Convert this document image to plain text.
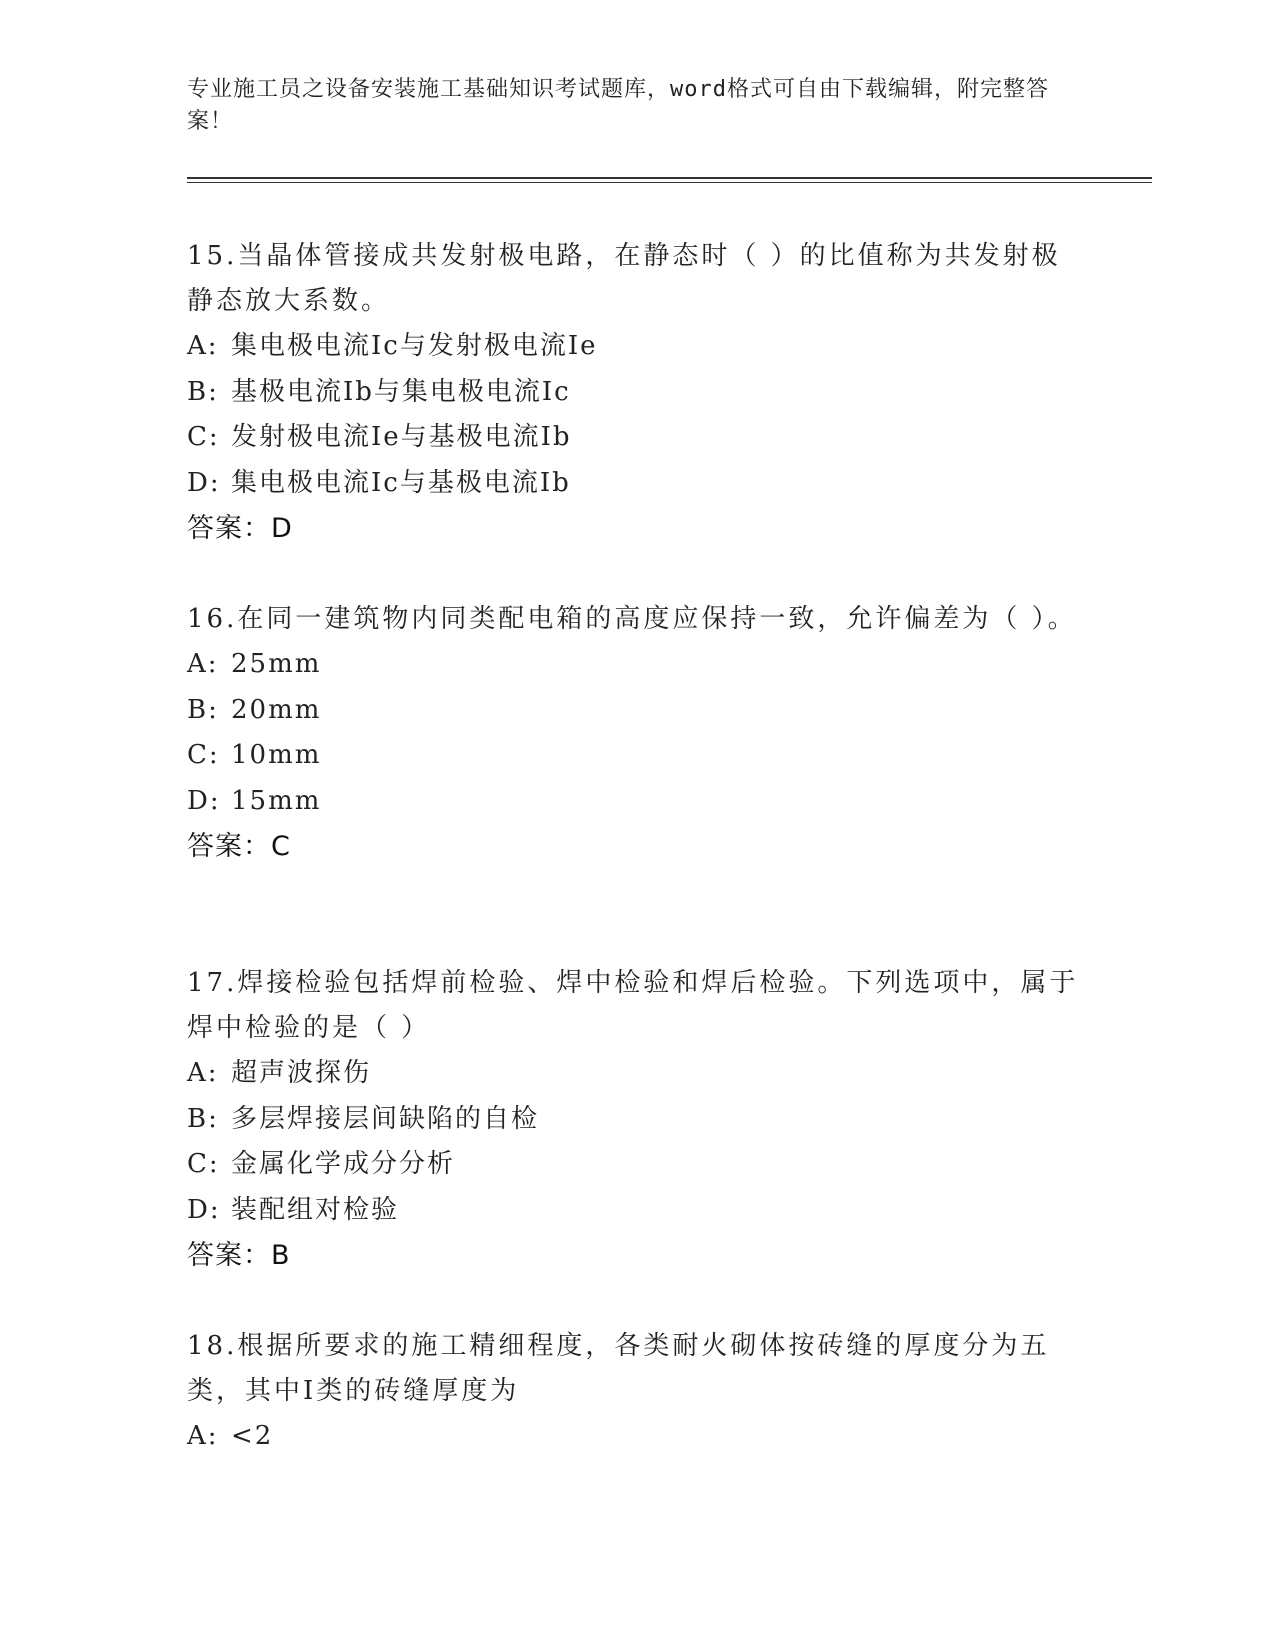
专业施工员之设备安装施工基础知识考试题库，word格式可自由下载编辑，附完整答案！

15.当晶体管接成共发射极电路，在静态时（ ）的比值称为共发射极静态放大系数。

A: 集电极电流Ic与发射极电流Ie

B: 基极电流Ib与集电极电流Ic

C: 发射极电流Ie与基极电流Ib

D: 集电极电流Ic与基极电流Ib

答案：D

16.在同一建筑物内同类配电箱的高度应保持一致，允许偏差为（ ）。

A: 25mm

B: 20mm

C: 10mm

D: 15mm

答案：C

17.焊接检验包括焊前检验、焊中检验和焊后检验。下列选项中，属于焊中检验的是（ ）

A: 超声波探伤

B: 多层焊接层间缺陷的自检

C: 金属化学成分分析

D: 装配组对检验

答案：B

18.根据所要求的施工精细程度，各类耐火砌体按砖缝的厚度分为五类，其中I类的砖缝厚度为

A: <2
